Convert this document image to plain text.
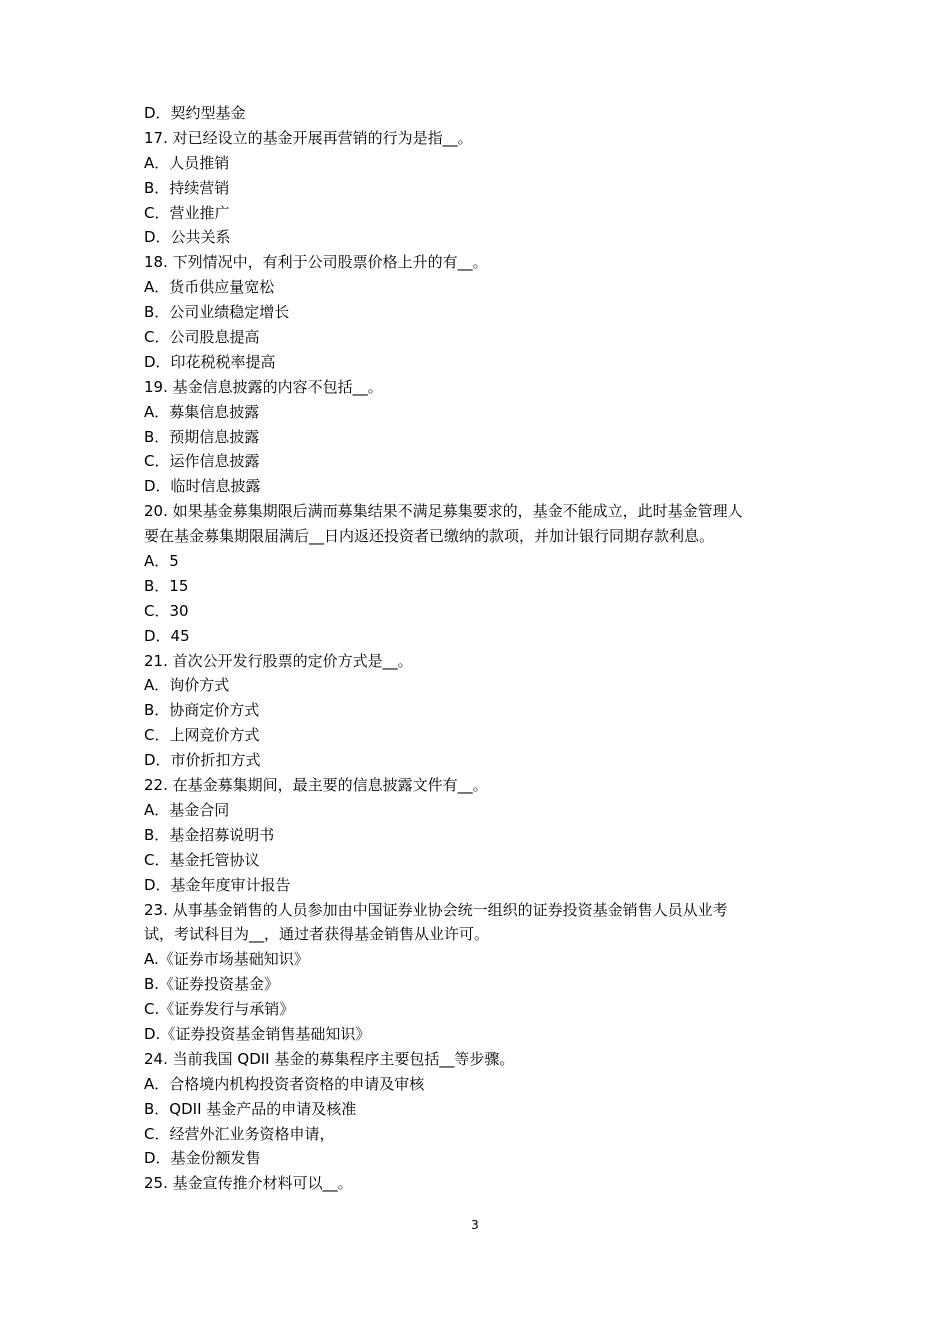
D．契约型基金
17. 对已经设立的基金开展再营销的行为是指__。
A．人员推销
B．持续营销
C．营业推广
D．公共关系
18. 下列情况中，有利于公司股票价格上升的有__。
A．货币供应量宽松
B．公司业绩稳定增长
C．公司股息提高
D．印花税税率提高
19. 基金信息披露的内容不包括__。
A．募集信息披露
B．预期信息披露
C．运作信息披露
D．临时信息披露
20. 如果基金募集期限后满而募集结果不满足募集要求的，基金不能成立，此时基金管理人
要在基金募集期限届满后__日内返还投资者已缴纳的款项，并加计银行同期存款利息。
A．5
B．15
C．30
D．45
21. 首次公开发行股票的定价方式是__。
A．询价方式
B．协商定价方式
C．上网竞价方式
D．市价折扣方式
22. 在基金募集期间，最主要的信息披露文件有__。
A．基金合同
B．基金招募说明书
C．基金托管协议
D．基金年度审计报告
23. 从事基金销售的人员参加由中国证券业协会统一组织的证券投资基金销售人员从业考
试，考试科目为__，通过者获得基金销售从业许可。
A.《证券市场基础知识》
B.《证券投资基金》
C.《证券发行与承销》
D.《证券投资基金销售基础知识》
24. 当前我国 QDII 基金的募集程序主要包括__等步骤。
A．合格境内机构投资者资格的申请及审核
B．QDII 基金产品的申请及核准
C．经营外汇业务资格申请，
D．基金份额发售
25. 基金宣传推介材料可以__。
3
